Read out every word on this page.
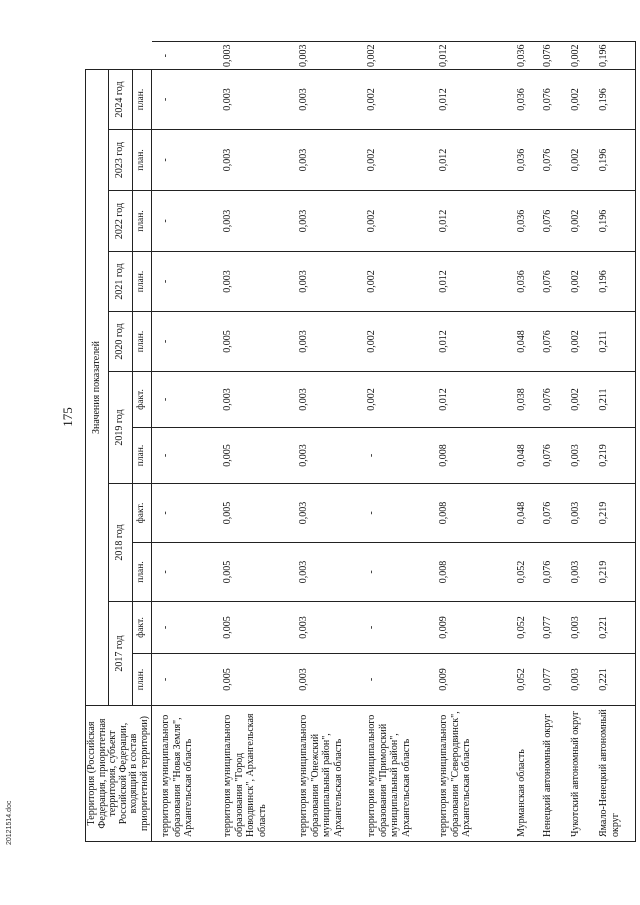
175
Территория (Российская Федерация, приоритетная территория, субъект Российской Федерации, входящий в состав приоритетной территории)	Значения показателей											
	2017 год		2018 год		2019 год		2020 год	2021 год	2022 год	2023 год	2024 год	
	план.	факт.	план.	факт.	план.	факт.	план.	план.	план.	план.	план.	
территория муниципального образования "Новая Земля", Архангельская область	-	-	-	-	-	-	-	-	-	-	-	-
территория муниципального образования "Город Новодвинск", Архангельская область	0,005	0,005	0,005	0,005	0,005	0,003	0,005	0,003	0,003	0,003	0,003	0,003
территория муниципального образования "Онежский муниципальный район", Архангельская область	0,003	0,003	0,003	0,003	0,003	0,003	0,003	0,003	0,003	0,003	0,003	0,003
территория муниципального образования "Приморский муниципальный район", Архангельская область	-	-	-	-	-	0,002	0,002	0,002	0,002	0,002	0,002	0,002
территория муниципального образования "Северодвинск", Архангельская область	0,009	0,009	0,008	0,008	0,008	0,012	0,012	0,012	0,012	0,012	0,012	0,012
Мурманская область	0,052	0,052	0,052	0,048	0,048	0,038	0,048	0,036	0,036	0,036	0,036	0,036
Ненецкий автономный округ	0,077	0,077	0,076	0,076	0,076	0,076	0,076	0,076	0,076	0,076	0,076	0,076
Чукотский автономный округ	0,003	0,003	0,003	0,003	0,003	0,002	0,002	0,002	0,002	0,002	0,002	0,002
Ямало-Ненецкий автономный округ	0,221	0,221	0,219	0,219	0,219	0,211	0,211	0,196	0,196	0,196	0,196	0,196
20121514.doc
